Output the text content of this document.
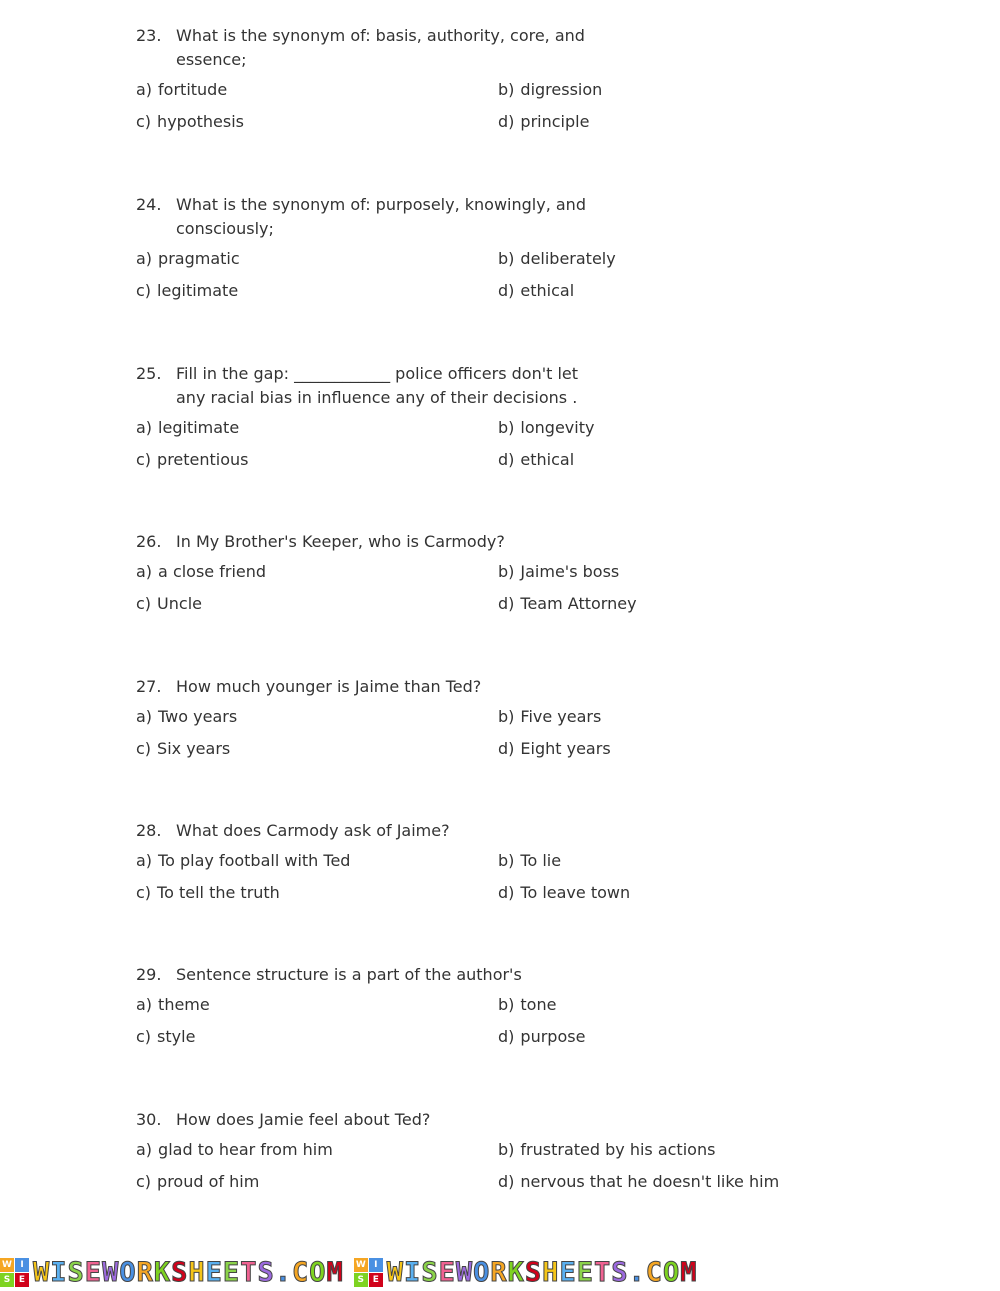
23. What is the synonym of: basis, authority, core, and essence;
a) fortitude	b) digression
c) hypothesis	d) principle
24. What is the synonym of: purposely, knowingly, and consciously;
a) pragmatic	b) deliberately
c) legitimate	d) ethical
25. Fill in the gap: ____________ police officers don't let any racial bias in influence any of their decisions .
a) legitimate	b) longevity
c) pretentious	d) ethical
26. In My Brother's Keeper, who is Carmody?
a) a close friend	b) Jaime's boss
c) Uncle	d) Team Attorney
27. How much younger is Jaime than Ted?
a) Two years	b) Five years
c) Six years	d) Eight years
28. What does Carmody ask of Jaime?
a) To play football with Ted	b) To lie
c) To tell the truth	d) To leave town
29. Sentence structure is a part of the author's
a) theme	b) tone
c) style	d) purpose
30. How does Jamie feel about Ted?
a) glad to hear from him	b) frustrated by his actions
c) proud of him	d) nervous that he doesn't like him
W I
S E WISEWORKSHEETS.COM W I
S E WISEWORKSHEETS.COM
